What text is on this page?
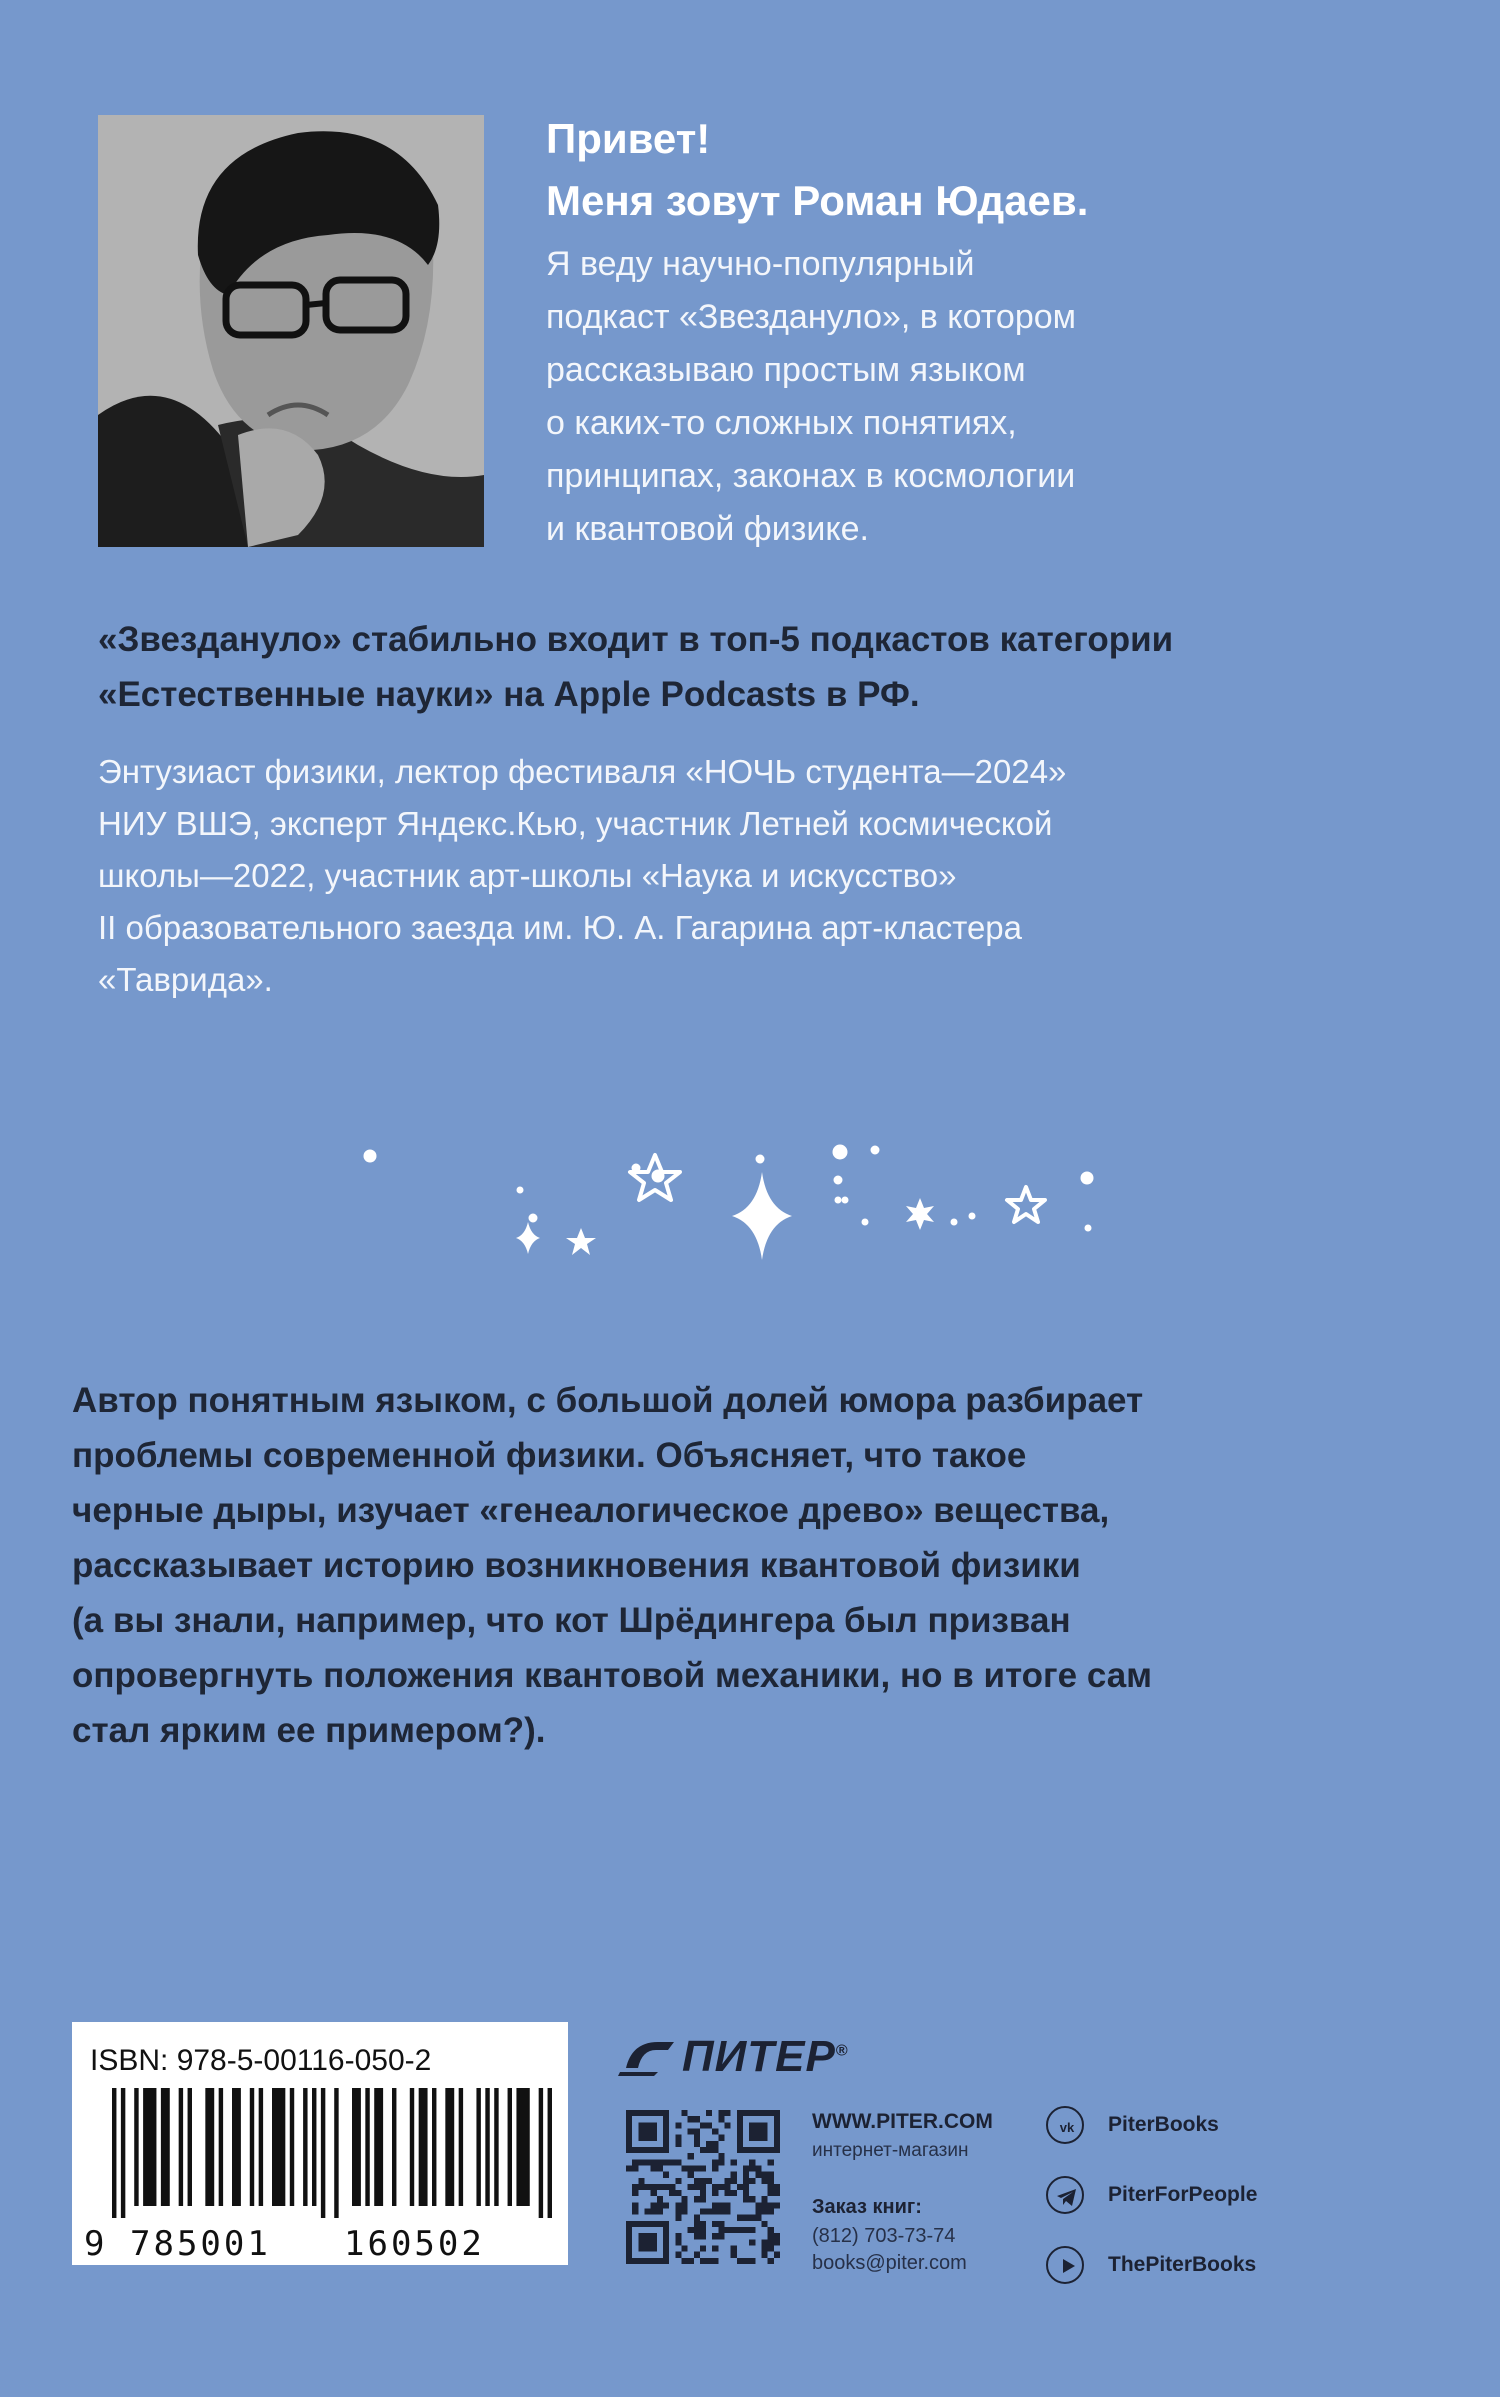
Привет!
Меня зовут Роман Юдаев.
Я веду научно-популярный
подкаст «Звездануло», в котором
рассказываю простым языком
о каких-то сложных понятиях,
принципах, законах в космологии
и квантовой физике.
«Звездануло» стабильно входит в топ-5 подкастов категории
«Естественные науки» на Apple Podcasts в РФ.
Энтузиаст физики, лектор фестиваля «НОЧЬ студента—2024»
НИУ ВШЭ, эксперт Яндекс.Кью, участник Летней космической
школы—2022, участник арт-школы «Наука и искусство»
II образовательного заезда им. Ю. А. Гагарина арт-кластера
«Таврида».
Автор понятным языком, с большой долей юмора разбирает
проблемы современной физики. Объясняет, что такое
черные дыры, изучает «генеалогическое древо» вещества,
рассказывает историю возникновения квантовой физики
(а вы знали, например, что кот Шрёдингера был призван
опровергнуть положения квантовой механики, но в итоге сам
стал ярким ее примером?).
ISBN: 978-5-00116-050-2
9 785001 160502
ПИТЕР®
WWW.PITER.COM
интернет-магазин
Заказ книг:
(812) 703-73-74
books@piter.com
vk PiterBooks
PiterForPeople
ThePiterBooks
